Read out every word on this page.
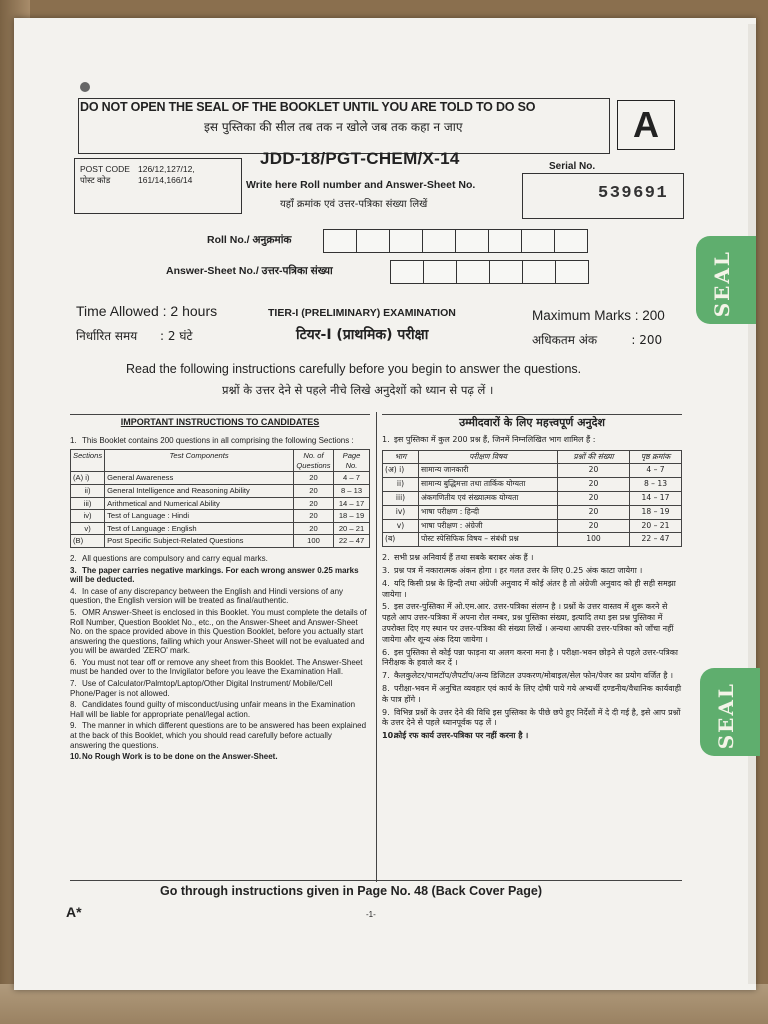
DO NOT OPEN THE SEAL OF THE BOOKLET UNTIL YOU ARE TOLD TO DO SO
इस पुस्तिका की सील तब तक न खोले जब तक कहा न जाए	A
POST CODE 126/12,127/12,
पोस्ट कोड	161/14,166/14
JDD-18/PGT-CHEM/X-14
Write here Roll number and Answer-Sheet No.
यहाँ क्रमांक एवं उत्तर-पत्रिका संख्या लिखें
Serial No.
539691
Roll No./ अनुक्रमांक
Answer-Sheet No./ उत्तर-पत्रिका संख्या
Time Allowed : 2 hours
निर्धारित समय      : 2 घंटे
TIER-I (PRELIMINARY) EXAMINATION
टियर-I (प्राथमिक) परीक्षा
Maximum Marks : 200
अधिकतम अंक         : 200
Read the following instructions carefully before you begin to answer the questions.
प्रश्नों के उत्तर देने से पहले नीचे लिखे अनुदेशों को ध्यान से पढ़ लें ।
IMPORTANT INSTRUCTIONS TO CANDIDATES

1. This Booklet contains 200 questions in all comprising the following Sections :

Sections	Test Components	No. of Questions	Page No.
(A) i)	General Awareness	20	4 – 7
ii)	General Intelligence and Reasoning Ability	20	8 – 13
iii)	Arithmetical and Numerical Ability	20	14 – 17
iv)	Test of Language : Hindi	20	18 – 19
v)	Test of Language : English	20	20 – 21
(B)	Post Specific Subject-Related Questions	100	22 – 47

2. All questions are compulsory and carry equal marks.

3. The paper carries negative markings. For each wrong answer 0.25 marks will be deducted.

4. In case of any discrepancy between the English and Hindi versions of any question, the English version will be treated as final/authentic.

5. OMR Answer-Sheet is enclosed in this Booklet. You must complete the details of Roll Number, Question Booklet No., etc., on the Answer-Sheet and Answer-Sheet No. on the space provided above in this Question Booklet, before you actually start answering the questions, failing which your Answer-Sheet will not be evaluated and you will be awarded 'ZERO' mark.

6. You must not tear off or remove any sheet from this Booklet. The Answer-Sheet must be handed over to the Invigilator before you leave the Examination Hall.

7. Use of Calculator/Palmtop/Laptop/Other Digital Instrument/ Mobile/Cell Phone/Pager is not allowed.

8. Candidates found guilty of misconduct/using unfair means in the Examination Hall will be liable for appropriate penal/legal action.

9. The manner in which different questions are to be answered has been explained at the back of this Booklet, which you should read carefully before actually answering the questions.

10.No Rough Work is to be done on the Answer-Sheet.

उम्मीदवारों के लिए महत्त्वपूर्ण अनुदेश

1. इस पुस्तिका में कुल 200 प्रश्न हैं, जिनमें निम्नलिखित भाग शामिल हैं :

भाग	परीक्षण विषय	प्रश्नों की संख्या	पृष्ठ क्रमांक
(अ) i)	सामान्य जानकारी	20	4 – 7
ii)	सामान्य बुद्धिमत्ता तथा तार्किक योग्यता	20	8 – 13
iii)	अंकगणितीय एवं संख्यात्मक योग्यता	20	14 – 17
iv)	भाषा परीक्षण : हिन्दी	20	18 – 19
v)	भाषा परीक्षण : अंग्रेजी	20	20 – 21
(ब)	पोस्ट स्पेसिफिक विषय – संबंधी प्रश्न	100	22 – 47

2. सभी प्रश्न अनिवार्य हैं तथा सबके बराबर अंक हैं ।

3. प्रश्न पत्र में नकारात्मक अंकन होगा । हर गलत उत्तर के लिए 0.25 अंक काटा जायेगा ।

4. यदि किसी प्रश्न के हिन्दी तथा अंग्रेजी अनुवाद में कोई अंतर है तो अंग्रेजी अनुवाद को ही सही समझा जायेगा ।

5. इस उत्तर-पुस्तिका में ओ.एम.आर. उत्तर-पत्रिका संलग्न है । प्रश्नों के उत्तर वास्तव में शुरू करने से पहले आप उत्तर-पत्रिका में अपना रोल नम्बर, प्रश्न पुस्तिका संख्या, इत्यादि तथा इस प्रश्न पुस्तिका में उपरोक्त दिए गए स्थान पर उत्तर-पत्रिका की संख्या लिखें । अन्यथा आपकी उत्तर-पत्रिका को जाँचा नहीं जायेगा और शून्य अंक दिया जायेगा ।

6. इस पुस्तिका से कोई पन्ना फाड़ना या अलग करना मना है । परीक्षा-भवन छोड़ने से पहले उत्तर-पत्रिका निरीक्षक के हवाले कर दें ।

7. कैलकुलेटर/पामटॉप/लैपटॉप/अन्य डिजिटल उपकरण/मोबाइल/सेल फोन/पेजर का प्रयोग वर्जित है ।

8. परीक्षा-भवन में अनुचित व्यवहार एवं कार्य के लिए दोषी पाये गये अभ्यर्थी दण्डनीय/वैधानिक कार्यवाही के पात्र होंगे ।

9. विभिन्न प्रश्नों के उत्तर देने की विधि इस पुस्तिका के पीछे छपे हुए निर्देशों में दे दी गई है, इसे आप प्रश्नों के उत्तर देने से पहले ध्यानपूर्वक पढ़ लें ।

10.कोई रफ कार्य उत्तर-पत्रिका पर नहीं करना है ।

Go through instructions given in Page No. 48 (Back Cover Page)
A*	-1-
SEAL
SEAL
